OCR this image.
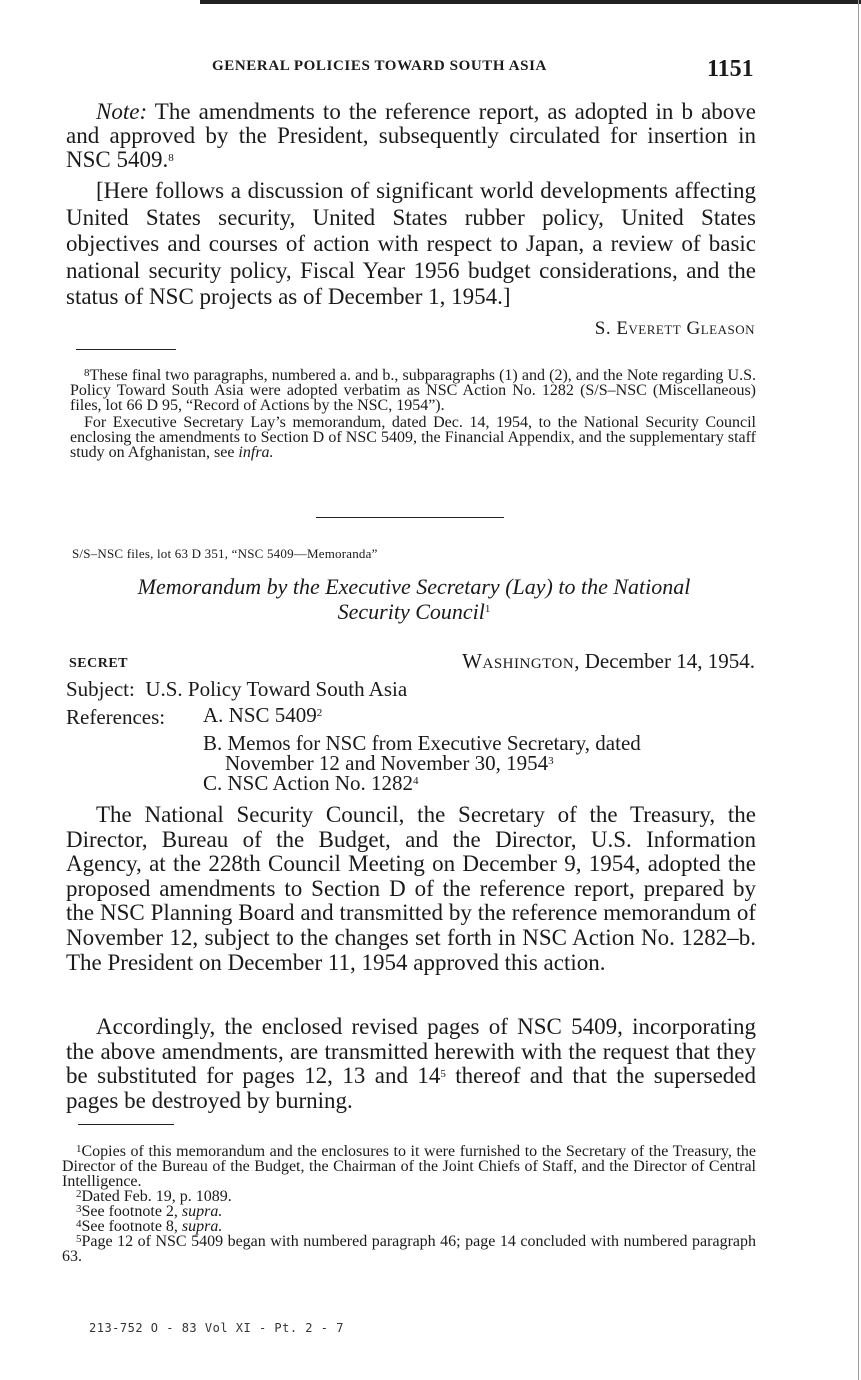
GENERAL POLICIES TOWARD SOUTH ASIA	1151
Note: The amendments to the reference report, as adopted in b above and approved by the President, subsequently circulated for insertion in NSC 5409.$^8$
[Here follows a discussion of significant world developments affecting United States security, United States rubber policy, United States objectives and courses of action with respect to Japan, a review of basic national security policy, Fiscal Year 1956 budget considerations, and the status of NSC projects as of December 1, 1954.]
S. Everett Gleason
$^8$These final two paragraphs, numbered a. and b., subparagraphs (1) and (2), and the Note regarding U.S. Policy Toward South Asia were adopted verbatim as NSC Action No. 1282 (S/S–NSC (Miscellaneous) files, lot 66 D 95, “Record of Actions by the NSC, 1954”).
For Executive Secretary Lay’s memorandum, dated Dec. 14, 1954, to the National Security Council enclosing the amendments to Section D of NSC 5409, the Financial Appendix, and the supplementary staff study on Afghanistan, see infra.
S/S–NSC files, lot 63 D 351, “NSC 5409—Memoranda”
Memorandum by the Executive Secretary (Lay) to the National
Security Council$^1$
SECRET	Washington, December 14, 1954.
Subject: U.S. Policy Toward South Asia
References: A. NSC 5409$^2$
B. Memos for NSC from Executive Secretary, dated
November 12 and November 30, 1954$^3$
C. NSC Action No. 1282$^4$
The National Security Council, the Secretary of the Treasury, the Director, Bureau of the Budget, and the Director, U.S. Information Agency, at the 228th Council Meeting on December 9, 1954, adopted the proposed amendments to Section D of the reference report, prepared by the NSC Planning Board and transmitted by the reference memorandum of November 12, subject to the changes set forth in NSC Action No. 1282–b. The President on December 11, 1954 approved this action.
Accordingly, the enclosed revised pages of NSC 5409, incorporating the above amendments, are transmitted herewith with the request that they be substituted for pages 12, 13 and $14^5$ thereof and that the superseded pages be destroyed by burning.
$^1$Copies of this memorandum and the enclosures to it were furnished to the Secretary of the Treasury, the Director of the Bureau of the Budget, the Chairman of the Joint Chiefs of Staff, and the Director of Central Intelligence.
$^2$Dated Feb. 19, p. 1089.
$^3$See footnote 2, supra.
$^4$See footnote 8, supra.
$^5$Page 12 of NSC 5409 began with numbered paragraph 46; page 14 concluded with numbered paragraph 63.
213-752 O - 83 Vol XI - Pt. 2 - 7
